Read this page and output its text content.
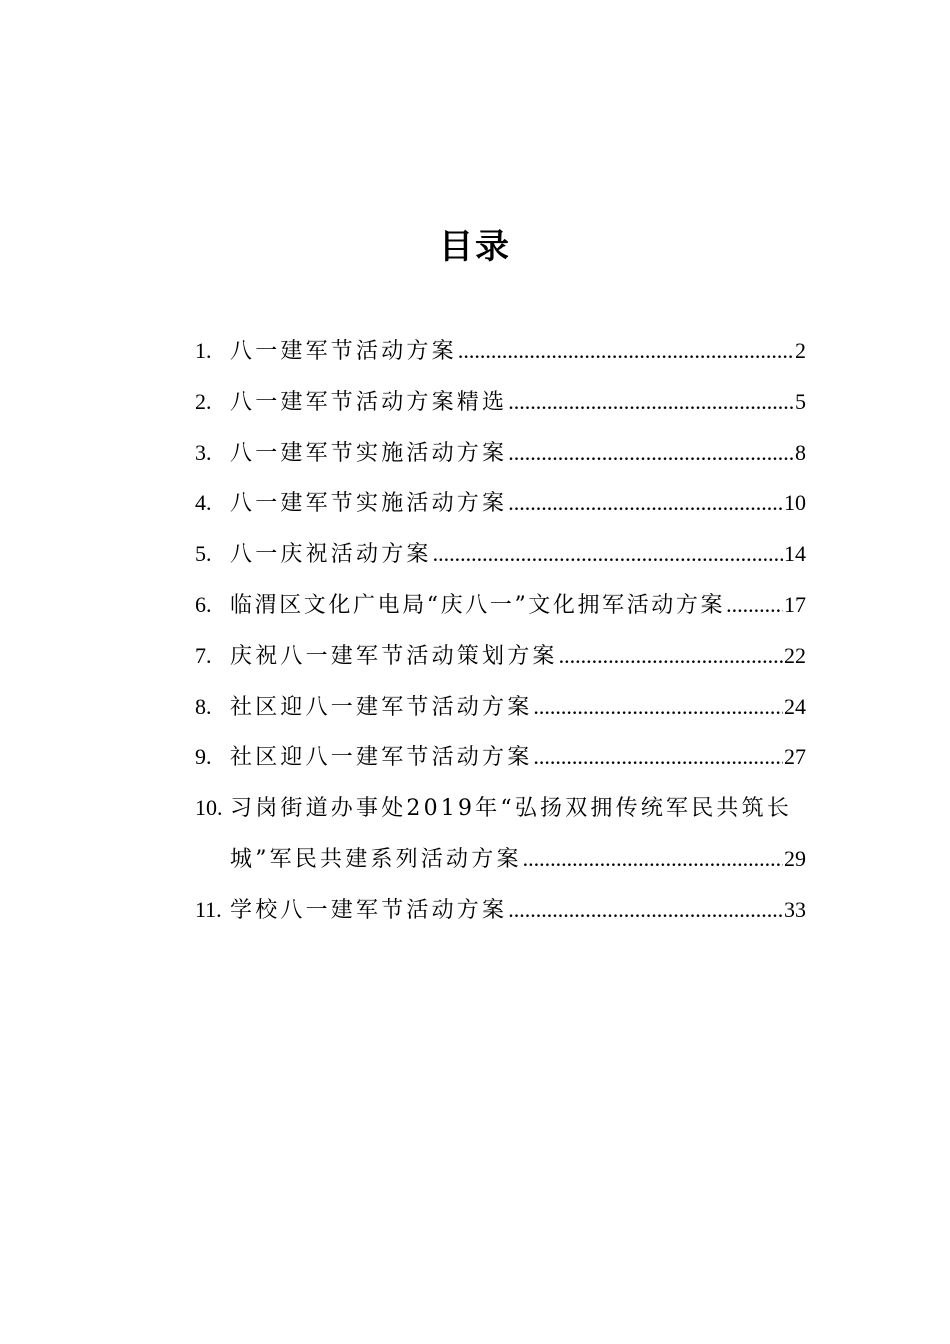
目录
1. 八一建军节活动方案 .....	2
2. 八一建军节活动方案精选 .....	5
3. 八一建军节实施活动方案 .....	8
4. 八一建军节实施活动方案 .....	10
5. 八一庆祝活动方案 .....	14
6. 临渭区文化广电局“庆八一”文化拥军活动方案 .....	17
7. 庆祝八一建军节活动策划方案 .....	22
8. 社区迎八一建军节活动方案 .....	24
9. 社区迎八一建军节活动方案 .....	27
10. 习岗街道办事处2019年“弘扬双拥传统军民共筑长
城”军民共建系列活动方案 .....	29
11. 学校八一建军节活动方案 .....	33
